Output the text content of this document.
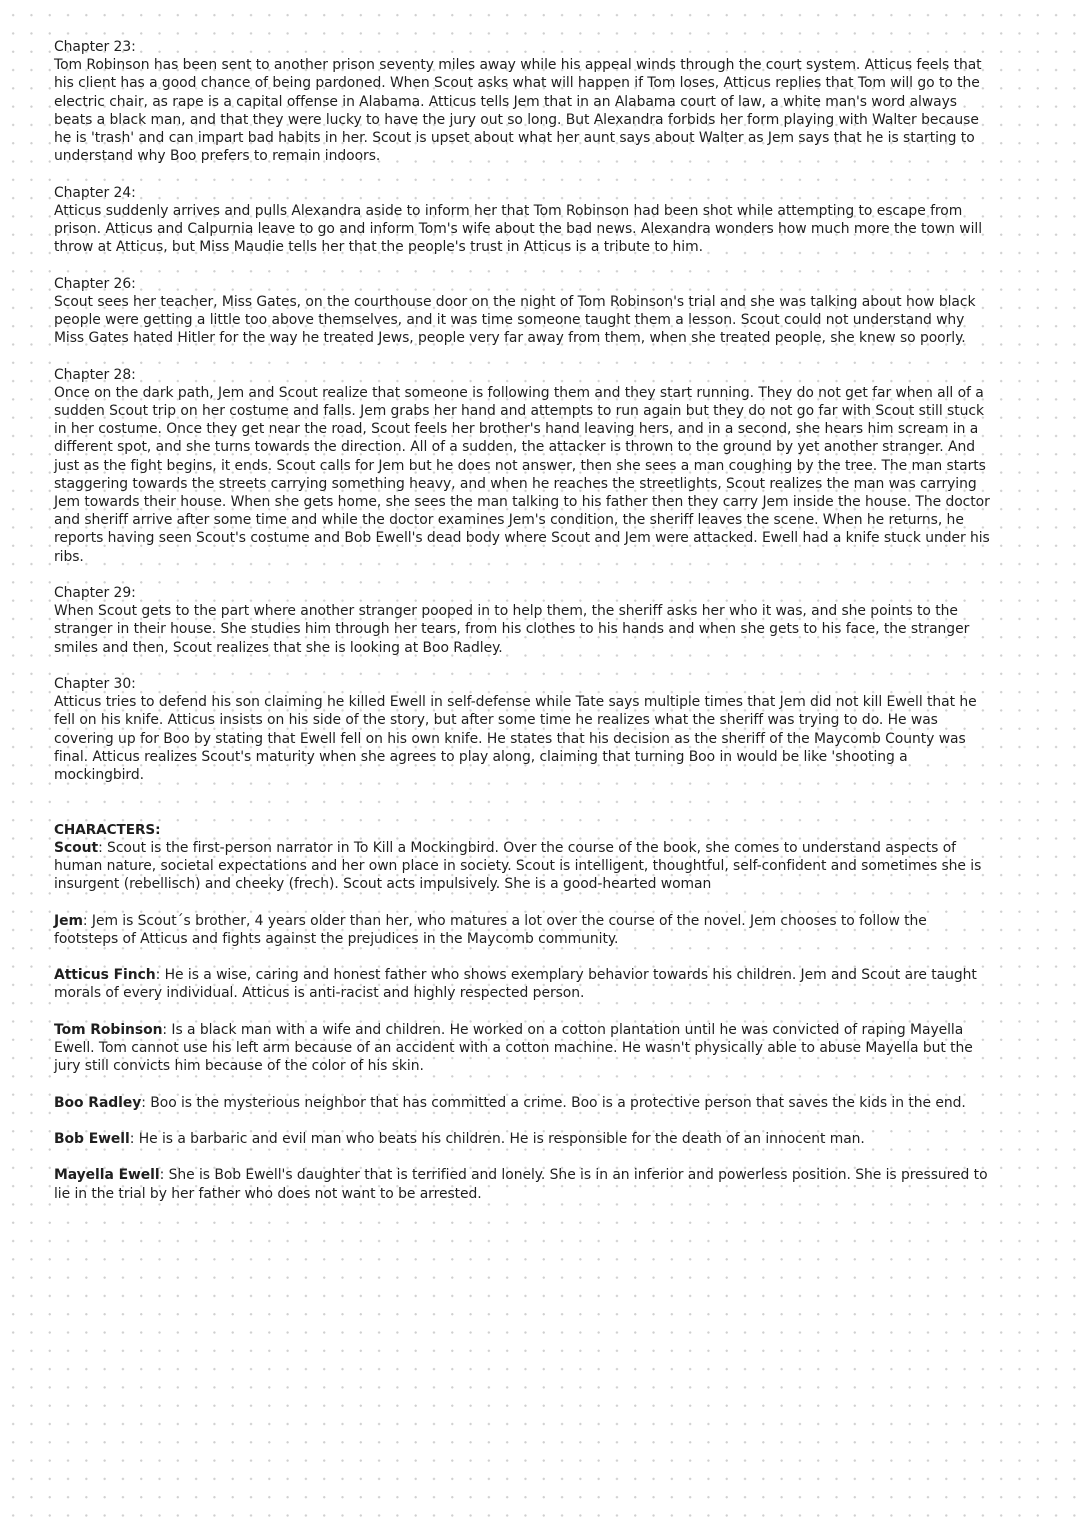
Chapter 23:

Tom Robinson has been sent to another prison seventy miles away while his appeal winds through the court system. Atticus feels that his client has a good chance of being pardoned. When Scout asks what will happen if Tom loses, Atticus replies that Tom will go to the electric chair, as rape is a capital offense in Alabama. Atticus tells Jem that in an Alabama court of law, a white man's word always beats a black man, and that they were lucky to have the jury out so long. But Alexandra forbids her form playing with Walter because he is 'trash' and can impart bad habits in her. Scout is upset about what her aunt says about Walter as Jem says that he is starting to understand why Boo prefers to remain indoors.

Chapter 24:

Atticus suddenly arrives and pulls Alexandra aside to inform her that Tom Robinson had been shot while attempting to escape from prison. Atticus and Calpurnia leave to go and inform Tom's wife about the bad news. Alexandra wonders how much more the town will throw at Atticus, but Miss Maudie tells her that the people's trust in Atticus is a tribute to him.

Chapter 26:

Scout sees her teacher, Miss Gates, on the courthouse door on the night of Tom Robinson's trial and she was talking about how black people were getting a little too above themselves, and it was time someone taught them a lesson. Scout could not understand why Miss Gates hated Hitler for the way he treated Jews, people very far away from them, when she treated people, she knew so poorly.

Chapter 28:

Once on the dark path, Jem and Scout realize that someone is following them and they start running. They do not get far when all of a sudden Scout trip on her costume and falls. Jem grabs her hand and attempts to run again but they do not go far with Scout still stuck in her costume. Once they get near the road, Scout feels her brother's hand leaving hers, and in a second, she hears him scream in a different spot, and she turns towards the direction. All of a sudden, the attacker is thrown to the ground by yet another stranger. And just as the fight begins, it ends. Scout calls for Jem but he does not answer, then she sees a man coughing by the tree. The man starts staggering towards the streets carrying something heavy, and when he reaches the streetlights, Scout realizes the man was carrying Jem towards their house. When she gets home, she sees the man talking to his father then they carry Jem inside the house. The doctor and sheriff arrive after some time and while the doctor examines Jem's condition, the sheriff leaves the scene. When he returns, he reports having seen Scout's costume and Bob Ewell's dead body where Scout and Jem were attacked. Ewell had a knife stuck under his ribs.

Chapter 29:

When Scout gets to the part where another stranger pooped in to help them, the sheriff asks her who it was, and she points to the stranger in their house. She studies him through her tears, from his clothes to his hands and when she gets to his face, the stranger smiles and then, Scout realizes that she is looking at Boo Radley.

Chapter 30:

Atticus tries to defend his son claiming he killed Ewell in self-defense while Tate says multiple times that Jem did not kill Ewell that he fell on his knife. Atticus insists on his side of the story, but after some time he realizes what the sheriff was trying to do. He was covering up for Boo by stating that Ewell fell on his own knife. He states that his decision as the sheriff of the Maycomb County was final. Atticus realizes Scout's maturity when she agrees to play along, claiming that turning Boo in would be like 'shooting a mockingbird.

CHARACTERS:

Scout: Scout is the first-person narrator in To Kill a Mockingbird. Over the course of the book, she comes to understand aspects of human nature, societal expectations and her own place in society. Scout is intelligent, thoughtful, self-confident and sometimes she is insurgent (rebellisch) and cheeky (frech). Scout acts impulsively. She is a good-hearted woman

Jem: Jem is Scout´s brother, 4 years older than her, who matures a lot over the course of the novel. Jem chooses to follow the footsteps of Atticus and fights against the prejudices in the Maycomb community.

Atticus Finch: He is a wise, caring and honest father who shows exemplary behavior towards his children. Jem and Scout are taught morals of every individual. Atticus is anti-racist and highly respected person.

Tom Robinson: Is a black man with a wife and children. He worked on a cotton plantation until he was convicted of raping Mayella Ewell. Tom cannot use his left arm because of an accident with a cotton machine. He wasn't physically able to abuse Mayella but the jury still convicts him because of the color of his skin.

Boo Radley: Boo is the mysterious neighbor that has committed a crime. Boo is a protective person that saves the kids in the end.

Bob Ewell: He is a barbaric and evil man who beats his children. He is responsible for the death of an innocent man.

Mayella Ewell: She is Bob Ewell's daughter that is terrified and lonely. She is in an inferior and powerless position. She is pressured to lie in the trial by her father who does not want to be arrested.
